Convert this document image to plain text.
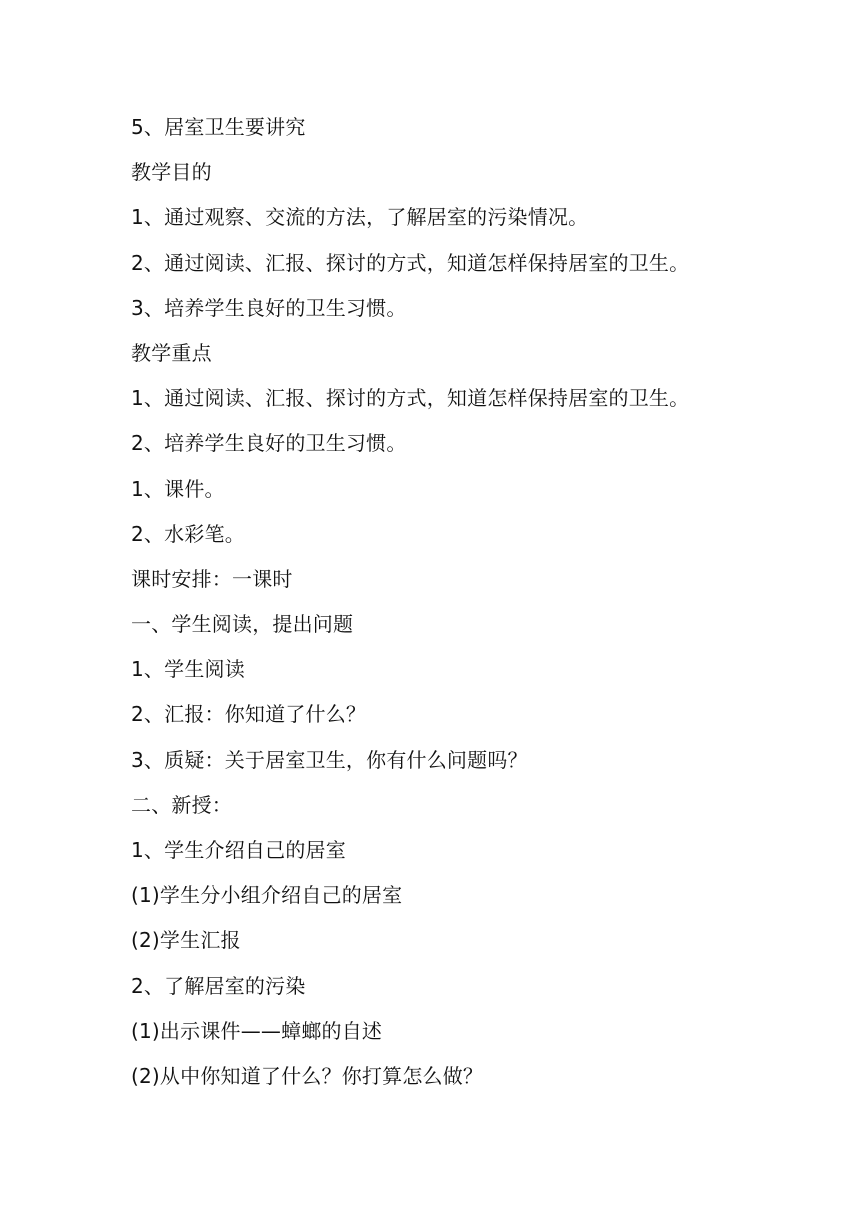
5、居室卫生要讲究
教学目的
1、通过观察、交流的方法，了解居室的污染情况。
2、通过阅读、汇报、探讨的方式，知道怎样保持居室的卫生。
3、培养学生良好的卫生习惯。
教学重点
1、通过阅读、汇报、探讨的方式，知道怎样保持居室的卫生。
2、培养学生良好的卫生习惯。
1、课件。
2、水彩笔。
课时安排：一课时
一、学生阅读，提出问题
1、学生阅读
2、汇报：你知道了什么？
3、质疑：关于居室卫生，你有什么问题吗？
二、新授：
1、学生介绍自己的居室
(1)学生分小组介绍自己的居室
(2)学生汇报
2、了解居室的污染
(1)出示课件——蟑螂的自述
(2)从中你知道了什么？你打算怎么做？
